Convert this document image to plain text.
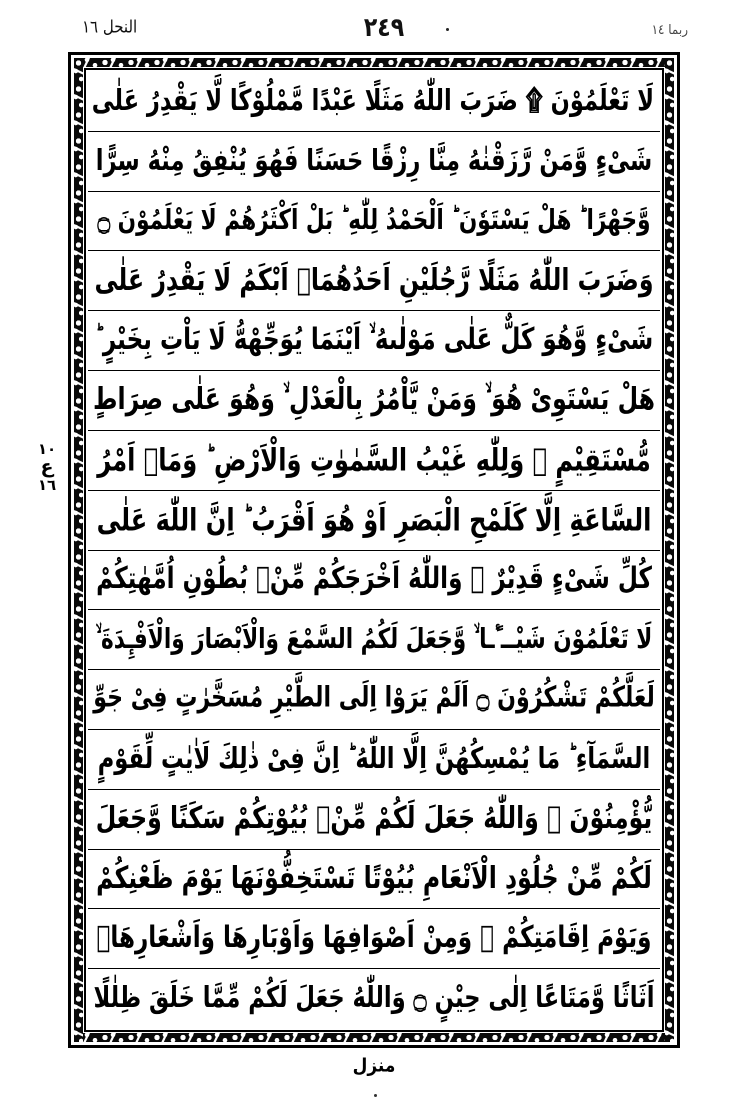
النحل ١٦	٢٤٩	ربما ١٤
١٠
ع
١٦
لَا تَعْلَمُوْنَ ۩ ضَرَبَ اللّٰهُ مَثَلًا عَبْدًا مَّمْلُوْكًا لَّا يَقْدِرُ عَلٰى
شَىْءٍ وَّمَنْ رَّزَقْنٰهُ مِنَّا رِزْقًا حَسَنًا فَهُوَ يُنْفِقُ مِنْهُ سِرًّا
وَّجَهْرًا ؕ هَلْ يَسْتَوٗنَ ؕ اَلْحَمْدُ لِلّٰهِ ؕ بَلْ اَكْثَرُهُمْ لَا يَعْلَمُوْنَ ۝
وَضَرَبَ اللّٰهُ مَثَلًا رَّجُلَيْنِ اَحَدُهُمَاۤ اَبْكَمُ لَا يَقْدِرُ عَلٰى
شَىْءٍ وَّهُوَ كَلٌّ عَلٰى مَوْلٰىهُ ۙ اَيْنَمَا يُوَجِّهْهُّ لَا يَاْتِ بِخَيْرٍ ؕ
هَلْ يَسْتَوِىْ هُوَ ۙ وَمَنْ يَّاْمُرُ بِالْعَدْلِ ۙ وَهُوَ عَلٰى صِرَاطٍ
مُّسْتَقِيْمٍ ۝ وَلِلّٰهِ غَيْبُ السَّمٰوٰتِ وَالْاَرْضِ ؕ وَمَاۤ اَمْرُ
السَّاعَةِ اِلَّا كَلَمْحِ الْبَصَرِ اَوْ هُوَ اَقْرَبُ ؕ اِنَّ اللّٰهَ عَلٰى
كُلِّ شَىْءٍ قَدِيْرٌ ۝ وَاللّٰهُ اَخْرَجَكُمْ مِّنْۢ بُطُوْنِ اُمَّهٰتِكُمْ
لَا تَعْلَمُوْنَ شَيْــٴًـا ۙ وَّجَعَلَ لَكُمُ السَّمْعَ وَالْاَبْصَارَ وَالْاَفْـِٕدَةَ ۙ
لَعَلَّكُمْ تَشْكُرُوْنَ ۝ اَلَمْ يَرَوْا اِلَى الطَّيْرِ مُسَخَّرٰتٍ فِىْ جَوِّ
السَّمَآءِ ؕ مَا يُمْسِكُهُنَّ اِلَّا اللّٰهُ ؕ اِنَّ فِىْ ذٰلِكَ لَاٰيٰتٍ لِّقَوْمٍ
يُّؤْمِنُوْنَ ۝ وَاللّٰهُ جَعَلَ لَكُمْ مِّنْۢ بُيُوْتِكُمْ سَكَنًا وَّجَعَلَ
لَكُمْ مِّنْ جُلُوْدِ الْاَنْعَامِ بُيُوْتًا تَسْتَخِفُّوْنَهَا يَوْمَ ظَعْنِكُمْ
وَيَوْمَ اِقَامَتِكُمْ ۙ وَمِنْ اَصْوَافِهَا وَاَوْبَارِهَا وَاَشْعَارِهَاۤ
اَثَاثًا وَّمَتَاعًا اِلٰى حِيْنٍ ۝ وَاللّٰهُ جَعَلَ لَكُمْ مِّمَّا خَلَقَ ظِلٰلًا
منزل
